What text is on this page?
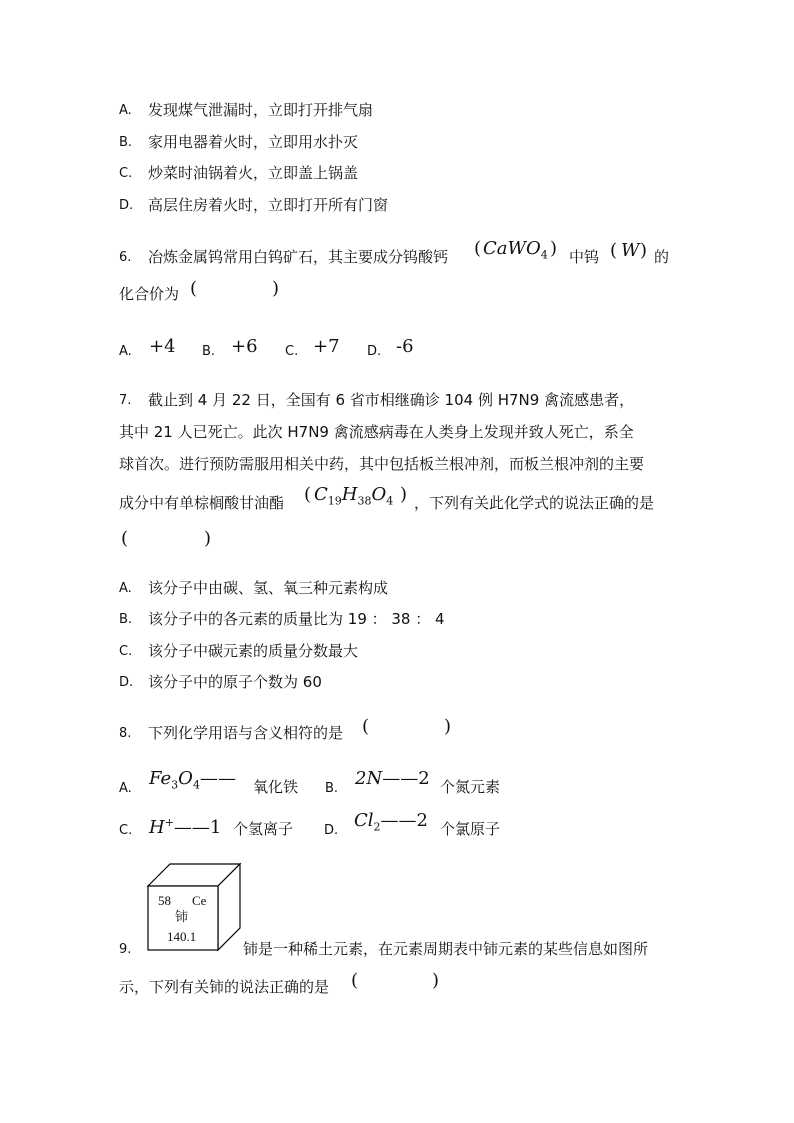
A. 发现煤气泄漏时，立即打开排气扇
B. 家用电器着火时，立即用水扑灭
C. 炒菜时油锅着火，立即盖上锅盖
D. 高层住房着火时，立即打开所有门窗
6. 冶炼金属钨常用白钨矿石，其主要成分钨酸钙 ( CaWO$_4$ ) 中钨 ( W ) 的
化合价为 (	)
A. +4 B. +6 C. +7 D. -6
7. 截止到 4 月 22 日，全国有 6 省市相继确诊 104 例 H7N9 禽流感患者，
其中 21 人已死亡。此次 H7N9 禽流感病毒在人类身上发现并致人死亡，系全
球首次。进行预防需服用相关中药，其中包括板兰根冲剂，而板兰根冲剂的主要
成分中有单棕榈酸甘油酯 ( $C_{19}H_{38}O_4$ ) ，下列有关此化学式的说法正确的是
(	)
A. 该分子中由碳、氢、氧三种元素构成
B. 该分子中的各元素的质量比为 19 ： 38 ： 4
C. 该分子中碳元素的质量分数最大
D. 该分子中的原子个数为 60
8. 下列化学用语与含义相符的是 (	)
A. $Fe_3O_4——$ 氧化铁 B. 2N——2 个氮元素
C. H+——1 个氢离子 D. $Cl_2——2$ 个氯原子
58 Ce
铈
140.1
9.	铈是一种稀土元素，在元素周期表中铈元素的某些信息如图所
示，下列有关铈的说法正确的是 (	)
